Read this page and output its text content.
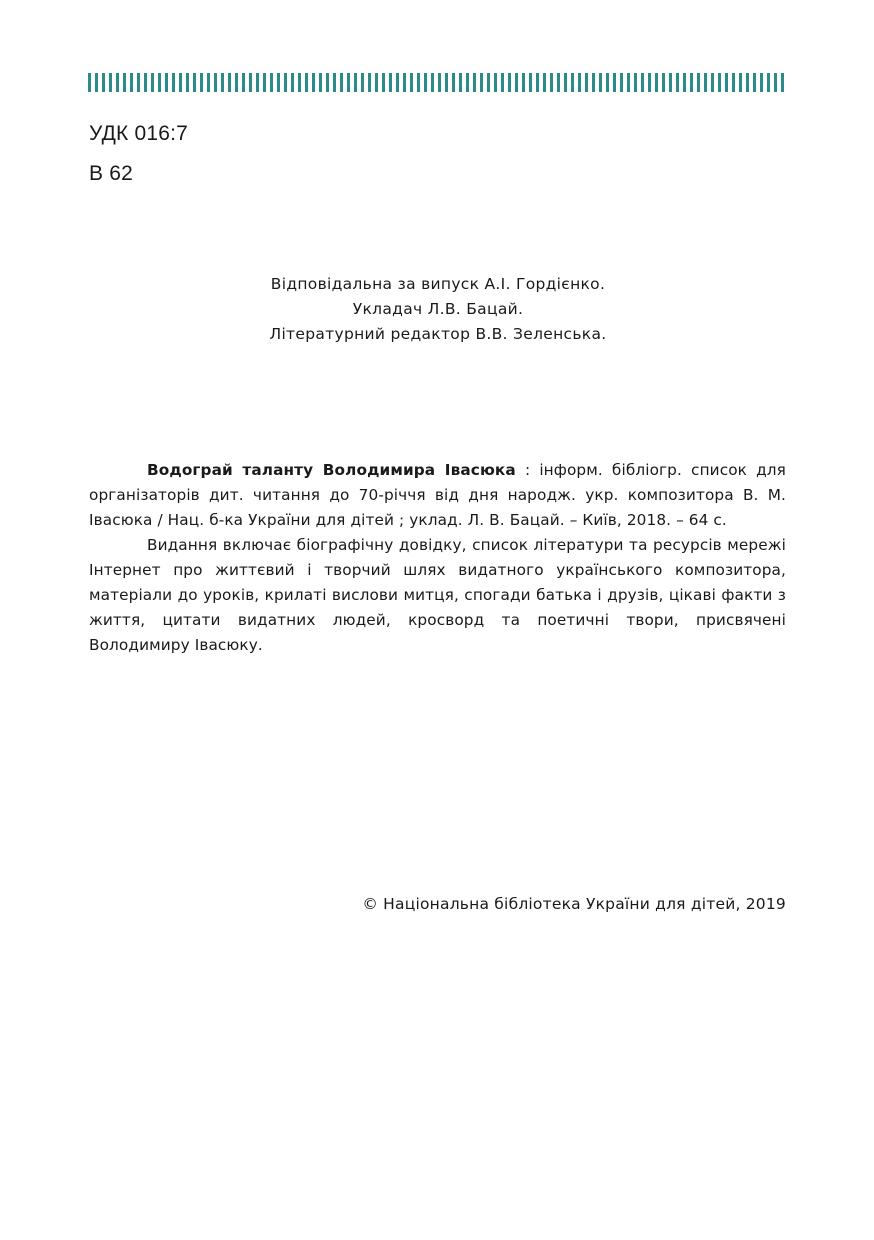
УДК 016:7
В 62
Відповідальна за випуск А.І. Гордієнко.
Укладач Л.В. Бацай.
Літературний редактор В.В. Зеленська.

Водограй таланту Володимира Івасюка : інформ. бібліогр. список для організаторів дит. читання до 70-річчя від дня народж. укр. композитора В. М. Івасюка / Нац. б-ка України для дітей ; уклад. Л. В. Бацай. – Київ, 2018. – 64 с.

Видання включає біографічну довідку, список літератури та ресурсів мережі Інтернет про життєвий і творчий шлях видатного українського композитора, матеріали до уроків, крилаті вислови митця, спогади батька і друзів, цікаві факти з життя, цитати видатних людей, кросворд та поетичні твори, присвячені Володимиру Івасюку.

© Національна бібліотека України для дітей, 2019
